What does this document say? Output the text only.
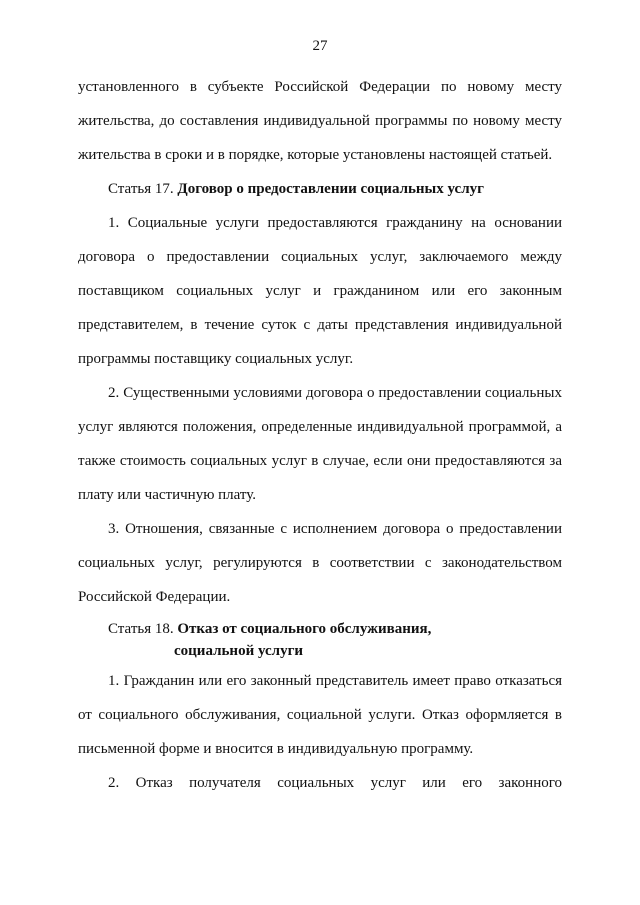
27
установленного в субъекте Российской Федерации по новому месту
жительства, до составления индивидуальной программы по новому месту
жительства в сроки и в порядке, которые установлены настоящей статьей.
Статья 17. Договор о предоставлении социальных услуг
1. Социальные услуги предоставляются гражданину на основании
договора о предоставлении социальных услуг, заключаемого между
поставщиком социальных услуг и гражданином или его законным
представителем, в течение суток с даты представления индивидуальной
программы поставщику социальных услуг.
2. Существенными условиями договора о предоставлении социальных
услуг являются положения, определенные индивидуальной программой, а
также стоимость социальных услуг в случае, если они предоставляются за
плату или частичную плату.
3. Отношения, связанные с исполнением договора о предоставлении
социальных услуг, регулируются в соответствии с законодательством
Российской Федерации.
Статья 18. Отказ от социального обслуживания,
социальной услуги
1. Гражданин или его законный представитель имеет право отказаться
от социального обслуживания, социальной услуги. Отказ оформляется в
письменной форме и вносится в индивидуальную программу.
2. Отказ получателя социальных услуг или его законного
